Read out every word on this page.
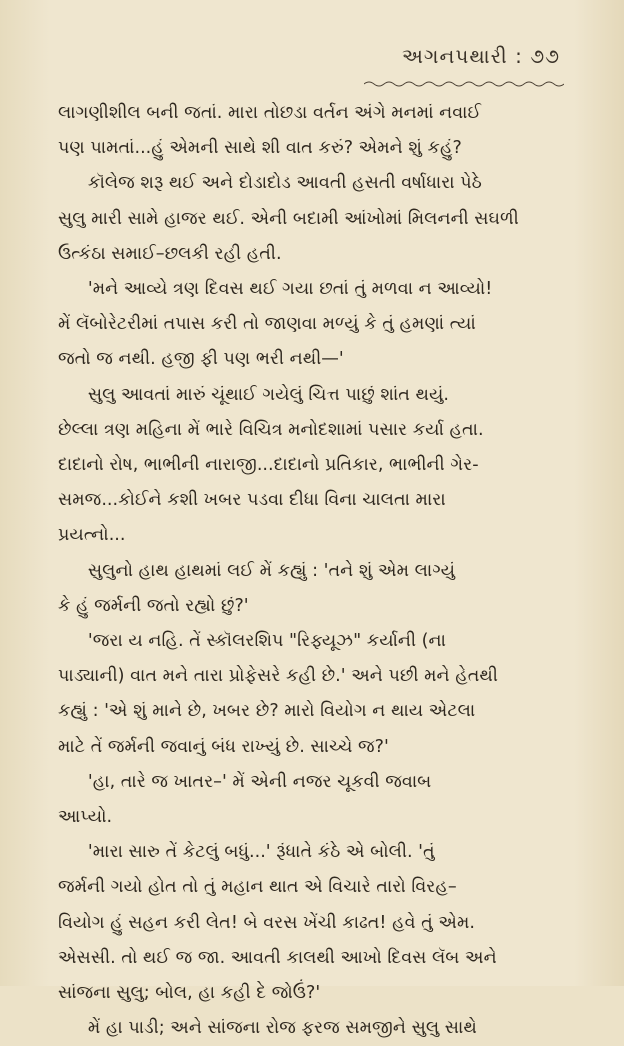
અગનપથારી : ૭૭

લાગણીશીલ બની જતાં. મારા તોછડા વર્તન અંગે મનમાં નવાઈ
પણ પામતાં...હું એમની સાથે શી વાત કરું? એમને શું કહું?

કૉલેજ શરૂ થઈ અને દોડાદોડ આવતી હસતી વર્ષાધારા પેઠે
સુલુ મારી સામે હાજર થઈ. એની બદામી આંખોમાં મિલનની સઘળી
ઉત્કંઠા સમાઈ–છલકી રહી હતી.

'મને આવ્યે ત્રણ દિવસ થઈ ગયા છતાં તું મળવા ન આવ્યો!
મેં લૅબોરેટરીમાં તપાસ કરી તો જાણવા મળ્યું કે તું હમણાં ત્યાં
જતો જ નથી. હજી ફી પણ ભરી નથી—'

સુલુ આવતાં મારું ચૂંથાઈ ગયેલું ચિત્ત પાછું શાંત થયું.
છેલ્લા ત્રણ મહિના મેં ભારે વિચિત્ર મનોદશામાં પસાર કર્યા હતા.
દાદાનો રોષ, ભાભીની નારાજી...દાદાનો પ્રતિકાર, ભાભીની ગેર-
સમજ...કોઈને કશી ખબર પડવા દીધા વિના ચાલતા મારા
પ્રયત્નો...

સુલુનો હાથ હાથમાં લઈ મેં કહ્યું : 'તને શું એમ લાગ્યું
કે હું જર્મની જતો રહ્યો છું?'

'જરા ય નહિ. તેં સ્કૉલરશિપ "રિફ્યૂઝ" કર્યાની (ના
પાડ્યાની) વાત મને તારા પ્રોફેસરે કહી છે.' અને પછી મને હેતથી
કહ્યું : 'એ શું માને છે, ખબર છે? મારો વિયોગ ન થાય એટલા
માટે તેં જર્મની જવાનું બંધ રાખ્યું છે. સાચ્ચે જ?'

'હા, તારે જ ખાતર–' મેં એની નજર ચૂકવી જવાબ
આપ્યો.

'મારા સારુ તેં કેટલું બધું...' રૂંધાતે કંઠે એ બોલી. 'તું
જર્મની ગયો હોત તો તું મહાન થાત એ વિચારે તારો વિરહ–
વિયોગ હું સહન કરી લેત! બે વરસ ખેંચી કાઢત! હવે તું એમ.
એસસી. તો થઈ જ જા. આવતી કાલથી આખો દિવસ લૅબ અને
સાંજના સુલુ; બોલ, હા કહી દે જોઉં?'

મેં હા પાડી; અને સાંજના રોજ ફરજ સમજીને સુલુ સાથે
